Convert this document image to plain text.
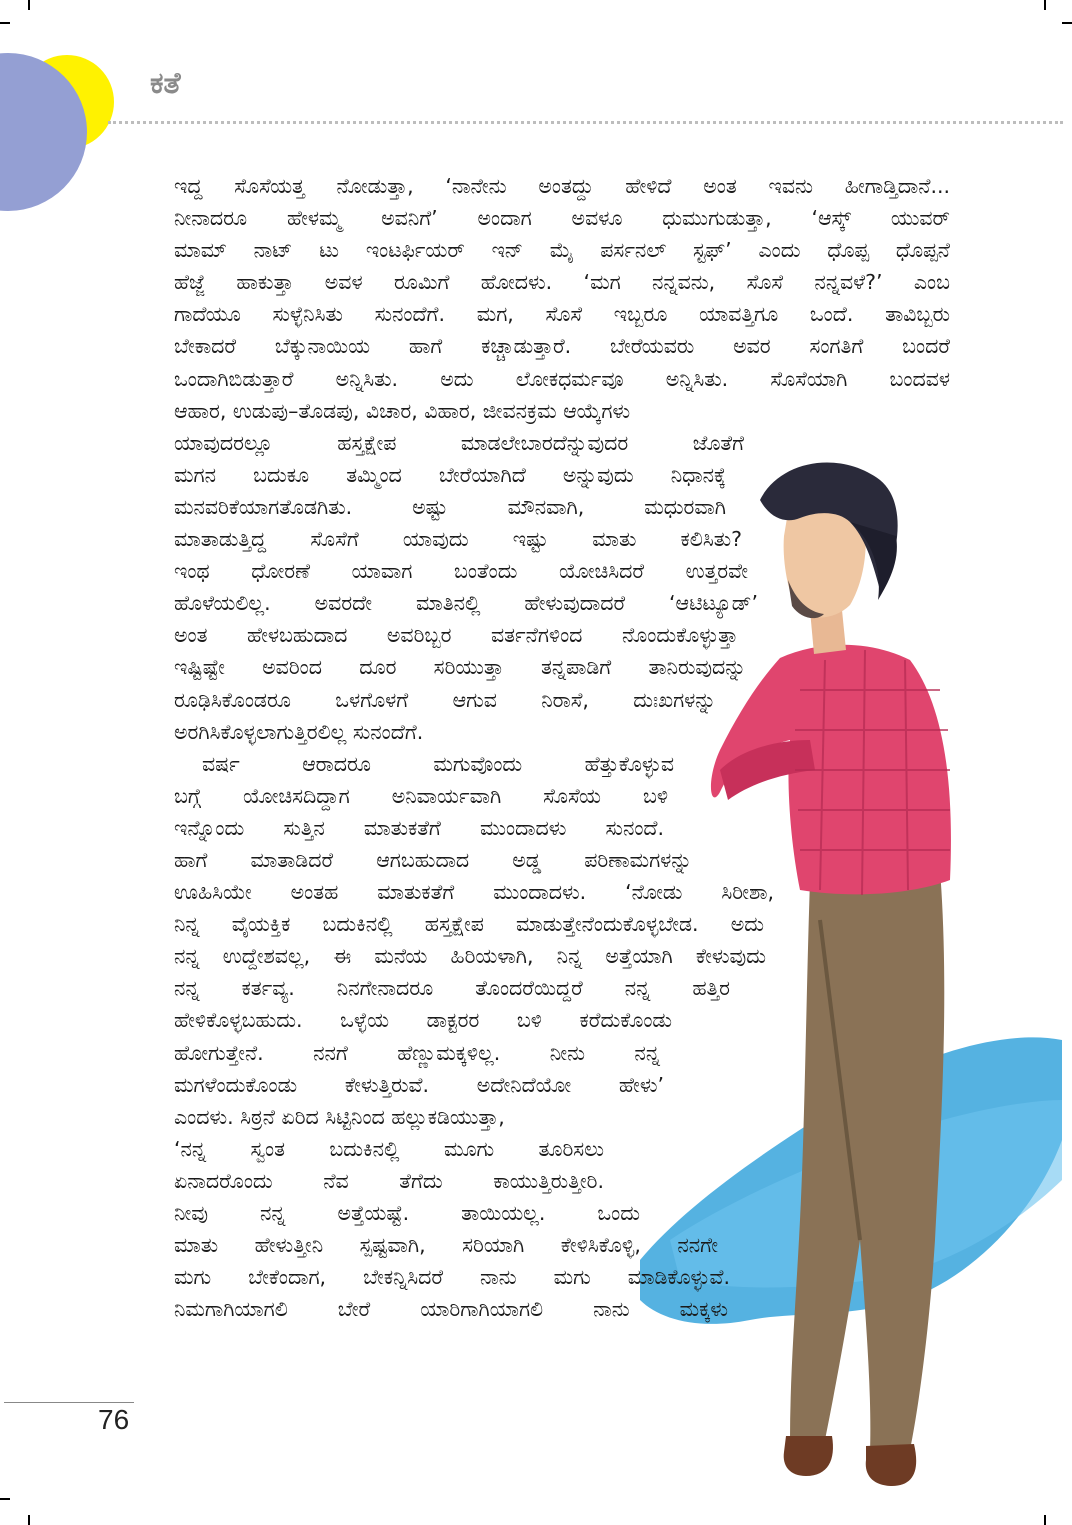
ಕತೆ
ಇದ್ದ ಸೊಸೆಯತ್ತ ನೋಡುತ್ತಾ, ‘ನಾನೇನು ಅಂತದ್ದು ಹೇಳಿದೆ ಅಂತ ಇವನು ಹೀಗಾಡ್ತಿದಾನೆ...
ನೀನಾದರೂ ಹೇಳಮ್ಮ ಅವನಿಗೆ’ ಅಂದಾಗ ಅವಳೂ ಧುಮುಗುಡುತ್ತಾ, ‘ಆಸ್ಕ್ ಯುವರ್
ಮಾಮ್ ನಾಟ್ ಟು ಇಂಟರ್ಫಿಯರ್ ಇನ್ ಮೈ ಪರ್ಸನಲ್ ಸ್ಟಫ್’ ಎಂದು ಧೊಪ್ಪ ಧೊಪ್ಪನೆ
ಹೆಜ್ಜೆ ಹಾಕುತ್ತಾ ಅವಳ ರೂಮಿಗೆ ಹೋದಳು. ‘ಮಗ ನನ್ನವನು, ಸೊಸೆ ನನ್ನವಳೆ?’ ಎಂಬ
ಗಾದೆಯೂ ಸುಳ್ಳೆನಿಸಿತು ಸುನಂದೆಗೆ. ಮಗ, ಸೊಸೆ ಇಬ್ಬರೂ ಯಾವತ್ತಿಗೂ ಒಂದೆ. ತಾವಿಬ್ಬರು
ಬೇಕಾದರೆ ಬೆಕ್ಕುನಾಯಿಯ ಹಾಗೆ ಕಚ್ಚಾಡುತ್ತಾರೆ. ಬೇರೆಯವರು ಅವರ ಸಂಗತಿಗೆ ಬಂದರೆ
ಒಂದಾಗಿಬಿಡುತ್ತಾರೆ ಅನ್ನಿಸಿತು. ಅದು ಲೋಕಧರ್ಮವೂ ಅನ್ನಿಸಿತು. ಸೊಸೆಯಾಗಿ ಬಂದವಳ
ಆಹಾರ, ಉಡುಪು–ತೊಡಪು, ವಿಚಾರ, ವಿಹಾರ, ಜೀವನಕ್ರಮ ಆಯ್ಕೆಗಳು
ಯಾವುದರಲ್ಲೂ ಹಸ್ತಕ್ಷೇಪ ಮಾಡಲೇಬಾರದೆನ್ನುವುದರ ಜೊತೆಗೆ
ಮಗನ ಬದುಕೂ ತಮ್ಮಿಂದ ಬೇರೆಯಾಗಿದೆ ಅನ್ನುವುದು ನಿಧಾನಕ್ಕೆ
ಮನವರಿಕೆಯಾಗತೊಡಗಿತು. ಅಷ್ಟು ಮೌನವಾಗಿ, ಮಧುರವಾಗಿ
ಮಾತಾಡುತ್ತಿದ್ದ ಸೊಸೆಗೆ ಯಾವುದು ಇಷ್ಟು ಮಾತು ಕಲಿಸಿತು?
ಇಂಥ ಧೋರಣೆ ಯಾವಾಗ ಬಂತೆಂದು ಯೋಚಿಸಿದರೆ ಉತ್ತರವೇ
ಹೊಳೆಯಲಿಲ್ಲ. ಅವರದೇ ಮಾತಿನಲ್ಲಿ ಹೇಳುವುದಾದರೆ ‘ಆಟಿಟ್ಯೂಡ್’
ಅಂತ ಹೇಳಬಹುದಾದ ಅವರಿಬ್ಬರ ವರ್ತನೆಗಳಿಂದ ನೊಂದುಕೊಳ್ಳುತ್ತಾ
ಇಷ್ಟಿಷ್ಟೇ ಅವರಿಂದ ದೂರ ಸರಿಯುತ್ತಾ ತನ್ನಪಾಡಿಗೆ ತಾನಿರುವುದನ್ನು
ರೂಢಿಸಿಕೊಂಡರೂ ಒಳಗೊಳಗೆ ಆಗುವ ನಿರಾಸೆ, ದುಃಖಗಳನ್ನು
ಅರಗಿಸಿಕೊಳ್ಳಲಾಗುತ್ತಿರಲಿಲ್ಲ ಸುನಂದೆಗೆ.
ವರ್ಷ ಆರಾದರೂ ಮಗುವೊಂದು ಹೆತ್ತುಕೊಳ್ಳುವ
ಬಗ್ಗೆ ಯೋಚಿಸದಿದ್ದಾಗ ಅನಿವಾರ್ಯವಾಗಿ ಸೊಸೆಯ ಬಳಿ
ಇನ್ನೊಂದು ಸುತ್ತಿನ ಮಾತುಕತೆಗೆ ಮುಂದಾದಳು ಸುನಂದೆ.
ಹಾಗೆ ಮಾತಾಡಿದರೆ ಆಗಬಹುದಾದ ಅಡ್ಡ ಪರಿಣಾಮಗಳನ್ನು
ಊಹಿಸಿಯೇ ಅಂತಹ ಮಾತುಕತೆಗೆ ಮುಂದಾದಳು. ‘ನೋಡು ಸಿರೀಶಾ,
ನಿನ್ನ ವೈಯಕ್ತಿಕ ಬದುಕಿನಲ್ಲಿ ಹಸ್ತಕ್ಷೇಪ ಮಾಡುತ್ತೇನೆಂದುಕೊಳ್ಳಬೇಡ. ಅದು
ನನ್ನ ಉದ್ದೇಶವಲ್ಲ, ಈ ಮನೆಯ ಹಿರಿಯಳಾಗಿ, ನಿನ್ನ ಅತ್ತೆಯಾಗಿ ಕೇಳುವುದು
ನನ್ನ ಕರ್ತವ್ಯ. ನಿನಗೇನಾದರೂ ತೊಂದರೆಯಿದ್ದರೆ ನನ್ನ ಹತ್ತಿರ
ಹೇಳಿಕೊಳ್ಳಬಹುದು. ಒಳ್ಳೆಯ ಡಾಕ್ಟರರ ಬಳಿ ಕರೆದುಕೊಂಡು
ಹೋಗುತ್ತೇನೆ. ನನಗೆ ಹೆಣ್ಣುಮಕ್ಕಳಿಲ್ಲ. ನೀನು ನನ್ನ
ಮಗಳೆಂದುಕೊಂಡು ಕೇಳುತ್ತಿರುವೆ. ಅದೇನಿದೆಯೋ ಹೇಳು’
ಎಂದಳು. ಸಿಠ್ರನೆ ಏರಿದ ಸಿಟ್ಟಿನಿಂದ ಹಲ್ಲುಕಡಿಯುತ್ತಾ,
‘ನನ್ನ ಸ್ವಂತ ಬದುಕಿನಲ್ಲಿ ಮೂಗು ತೂರಿಸಲು
ಏನಾದರೊಂದು ನೆವ ತೆಗೆದು ಕಾಯುತ್ತಿರುತ್ತೀರಿ.
ನೀವು ನನ್ನ ಅತ್ತೆಯಷ್ಟೆ. ತಾಯಿಯಲ್ಲ. ಒಂದು
ಮಾತು ಹೇಳುತ್ತೀನಿ ಸ್ಪಷ್ಟವಾಗಿ, ಸರಿಯಾಗಿ ಕೇಳಿಸಿಕೊಳ್ಳಿ, ನನಗೇ
ಮಗು ಬೇಕೆಂದಾಗ, ಬೇಕನ್ನಿಸಿದರೆ ನಾನು ಮಗು ಮಾಡಿಕೊಳ್ಳುವೆ.
ನಿಮಗಾಗಿಯಾಗಲಿ ಬೇರೆ ಯಾರಿಗಾಗಿಯಾಗಲಿ ನಾನು ಮಕ್ಕಳು

76
